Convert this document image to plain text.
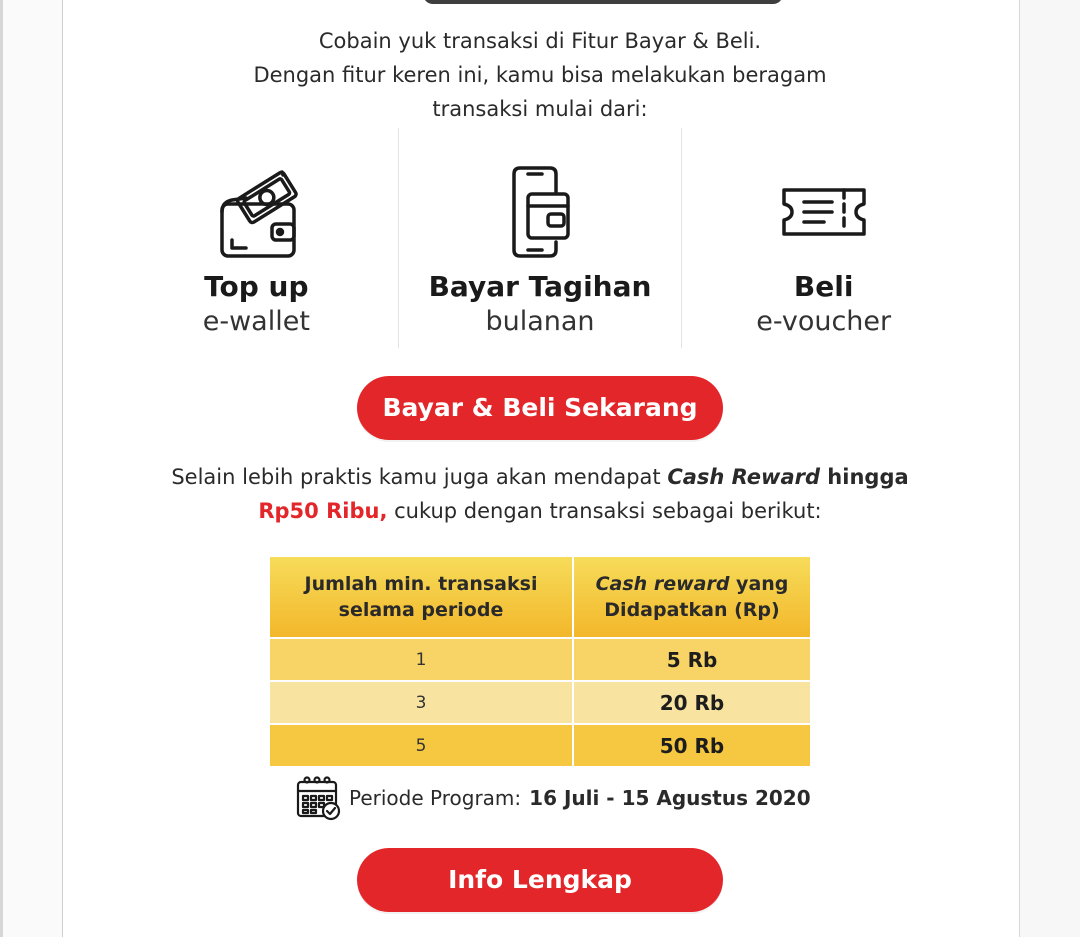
Cobain yuk transaksi di Fitur Bayar & Beli.
Dengan fitur keren ini, kamu bisa melakukan beragam
transaksi mulai dari:
Top up
e-wallet
Bayar Tagihan
bulanan
Beli
e-voucher
Bayar & Beli Sekarang
Selain lebih praktis kamu juga akan mendapat Cash Reward hingga
Rp50 Ribu, cukup dengan transaksi sebagai berikut:
Jumlah min. transaksi selama periode	Cash reward yang Didapatkan (Rp)
1	5 Rb
3	20 Rb
5	50 Rb
Periode Program: 16 Juli - 15 Agustus 2020
Info Lengkap
